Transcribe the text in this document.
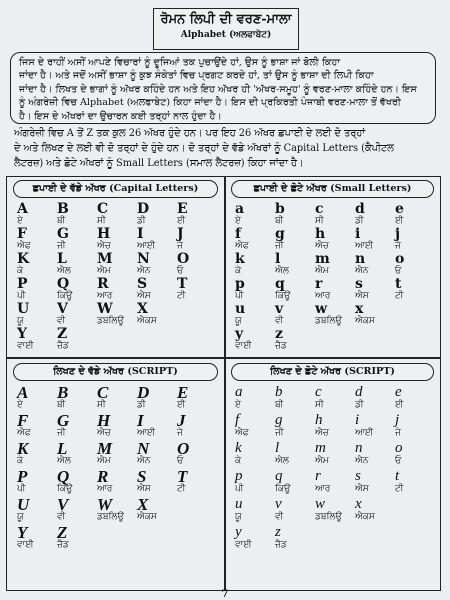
ਰੋਮਨ ਲਿਪੀ ਦੀ ਵਰਣ-ਮਾਲਾ
Alphabet (ਅਲਫਾਬੇਟ)
ਜਿਸ ਦੇ ਰਾਹੀਂ ਅਸੀਂ ਆਪਣੇ ਵਿਚਾਰਾਂ ਨੂੰ ਦੂਜਿਆਂ ਤਕ ਪੁਚਾਉਂਦੇ ਹਾਂ, ਉਸ ਨੂੰ ਭਾਸ਼ਾ ਜਾਂ ਬੋਲੀ ਕਿਹਾ
ਜਾਂਦਾ ਹੈ। ਅਤੇ ਜਦੋਂ ਅਸੀਂ ਭਾਸ਼ਾ ਨੂੰ ਕੁਝ ਸੰਕੇਤਾਂ ਵਿਚ ਪ੍ਰਗਟ ਕਰਦੇ ਹਾਂ, ਤਾਂ ਉਸ ਨੂੰ ਭਾਸ਼ਾ ਦੀ ਲਿਪੀ ਕਿਹਾ
ਜਾਂਦਾ ਹੈ। ਲਿਖਤ ਦੇ ਭਾਗਾਂ ਨੂੰ ਅੱਖਰ ਕਹਿੰਦੇ ਹਨ ਅਤੇ ਇਹ ਅੱਖਰ ਹੀ 'ਅੱਖਰ-ਸਮੂਹ' ਨੂੰ ਵਰਣ-ਮਾਲਾ ਕਹਿੰਦੇ ਹਨ। ਇਸ
ਨੂੰ ਅੰਗਰੇਜ਼ੀ ਵਿਚ Alphabet (ਅਲਫਾਬੇਟ) ਕਿਹਾ ਜਾਂਦਾ ਹੈ। ਇਸ ਦੀ ਪ੍ਰਕਿਰਤੀ ਪੰਜਾਬੀ ਵਰਣ-ਮਾਲਾ ਤੋਂ ਵੱਖਰੀ
ਹੈ। ਇਸ ਦੇ ਅੱਖਰਾਂ ਦਾ ਉਚਾਰਨ ਕਈ ਤਰ੍ਹਾਂ ਨਾਲ ਹੁੰਦਾ ਹੈ।
ਅੰਗਰੇਜ਼ੀ ਵਿਚ A ਤੋਂ Z ਤਕ ਕੁਲ 26 ਅੱਖਰ ਹੁੰਦੇ ਹਨ। ਪਰ ਇਹ 26 ਅੱਖਰ ਛਪਾਈ ਦੇ ਲਈ ਦੋ ਤਰ੍ਹਾਂ
ਦੇ ਅਤੇ ਲਿਖਣ ਦੇ ਲਈ ਵੀ ਦੋ ਤਰ੍ਹਾਂ ਦੇ ਹੁੰਦੇ ਹਨ। ਦੋ ਤਰ੍ਹਾਂ ਦੇ ਵੱਡੇ ਅੱਖਰਾਂ ਨੂੰ Capital Letters (ਕੈਪੀਟਲ
ਲੈਟਰਜ਼) ਅਤੇ ਛੋਟੇ ਅੱਖਰਾਂ ਨੂੰ Small Letters (ਸਮਾਲ ਲੈਟਰਜ਼) ਕਿਹਾ ਜਾਂਦਾ ਹੈ।
ਛਪਾਈ ਦੇ ਵੱਡੇ ਅੱਖਰ (Capital Letters)	ਛਪਾਈ ਦੇ ਛੋਟੇ ਅੱਖਰ (Small Letters)
ਲਿਖਣ ਦੇ ਵੱਡੇ ਅੱਖਰ (SCRIPT)	ਲਿਖਣ ਦੇ ਛੋਟੇ ਅੱਖਰ (SCRIPT)
A
ਏ
B
ਬੀ
C
ਸੀ
D
ਡੀ
E
ਈ
F
ਐਫ
G
ਜੀ
H
ਐਚ
I
ਆਈ
J
ਜੇ
K
ਕੇ
L
ਐਲ
M
ਐਮ
N
ਐਨ
O
ਓ
P
ਪੀ
Q
ਕਿਊ
R
ਆਰ
S
ਐਸ
T
ਟੀ
U
ਯੂ
V
ਵੀ
W
ਡਬਲਿਊ
X
ਐਕਸ
Y
ਵਾਈ
Z
ਜ਼ੈਡ
a
ਏ
b
ਬੀ
c
ਸੀ
d
ਡੀ
e
ਈ
f
ਐਫ
g
ਜੀ
h
ਐਚ
i
ਆਈ
j
ਜੇ
k
ਕੇ
l
ਐਲ
m
ਐਮ
n
ਐਨ
o
ਓ
p
ਪੀ
q
ਕਿਊ
r
ਆਰ
s
ਐਸ
t
ਟੀ
u
ਯੂ
v
ਵੀ
w
ਡਬਲਿਊ
x
ਐਕਸ
y
ਵਾਈ
z
ਜ਼ੈਡ
A
ਏ
B
ਬੀ
C
ਸੀ
D
ਡੀ
E
ਈ
F
ਐਫ
G
ਜੀ
H
ਐਚ
I
ਆਈ
J
ਜੇ
K
ਕੇ
L
ਐਲ
M
ਐਮ
N
ਐਨ
O
ਓ
P
ਪੀ
Q
ਕਿਊ
R
ਆਰ
S
ਐਸ
T
ਟੀ
U
ਯੂ
V
ਵੀ
W
ਡਬਲਿਊ
X
ਐਕਸ
Y
ਵਾਈ
Z
ਜ਼ੈਡ
a
ਏ
b
ਬੀ
c
ਸੀ
d
ਡੀ
e
ਈ
f
ਐਫ
g
ਜੀ
h
ਐਚ
i
ਆਈ
j
ਜੇ
k
ਕੇ
l
ਐਲ
m
ਐਮ
n
ਐਨ
o
ਓ
p
ਪੀ
q
ਕਿਊ
r
ਆਰ
s
ਐਸ
t
ਟੀ
u
ਯੂ
v
ਵੀ
w
ਡਬਲਿਊ
x
ਐਕਸ
y
ਵਾਈ
z
ਜ਼ੈਡ
7
